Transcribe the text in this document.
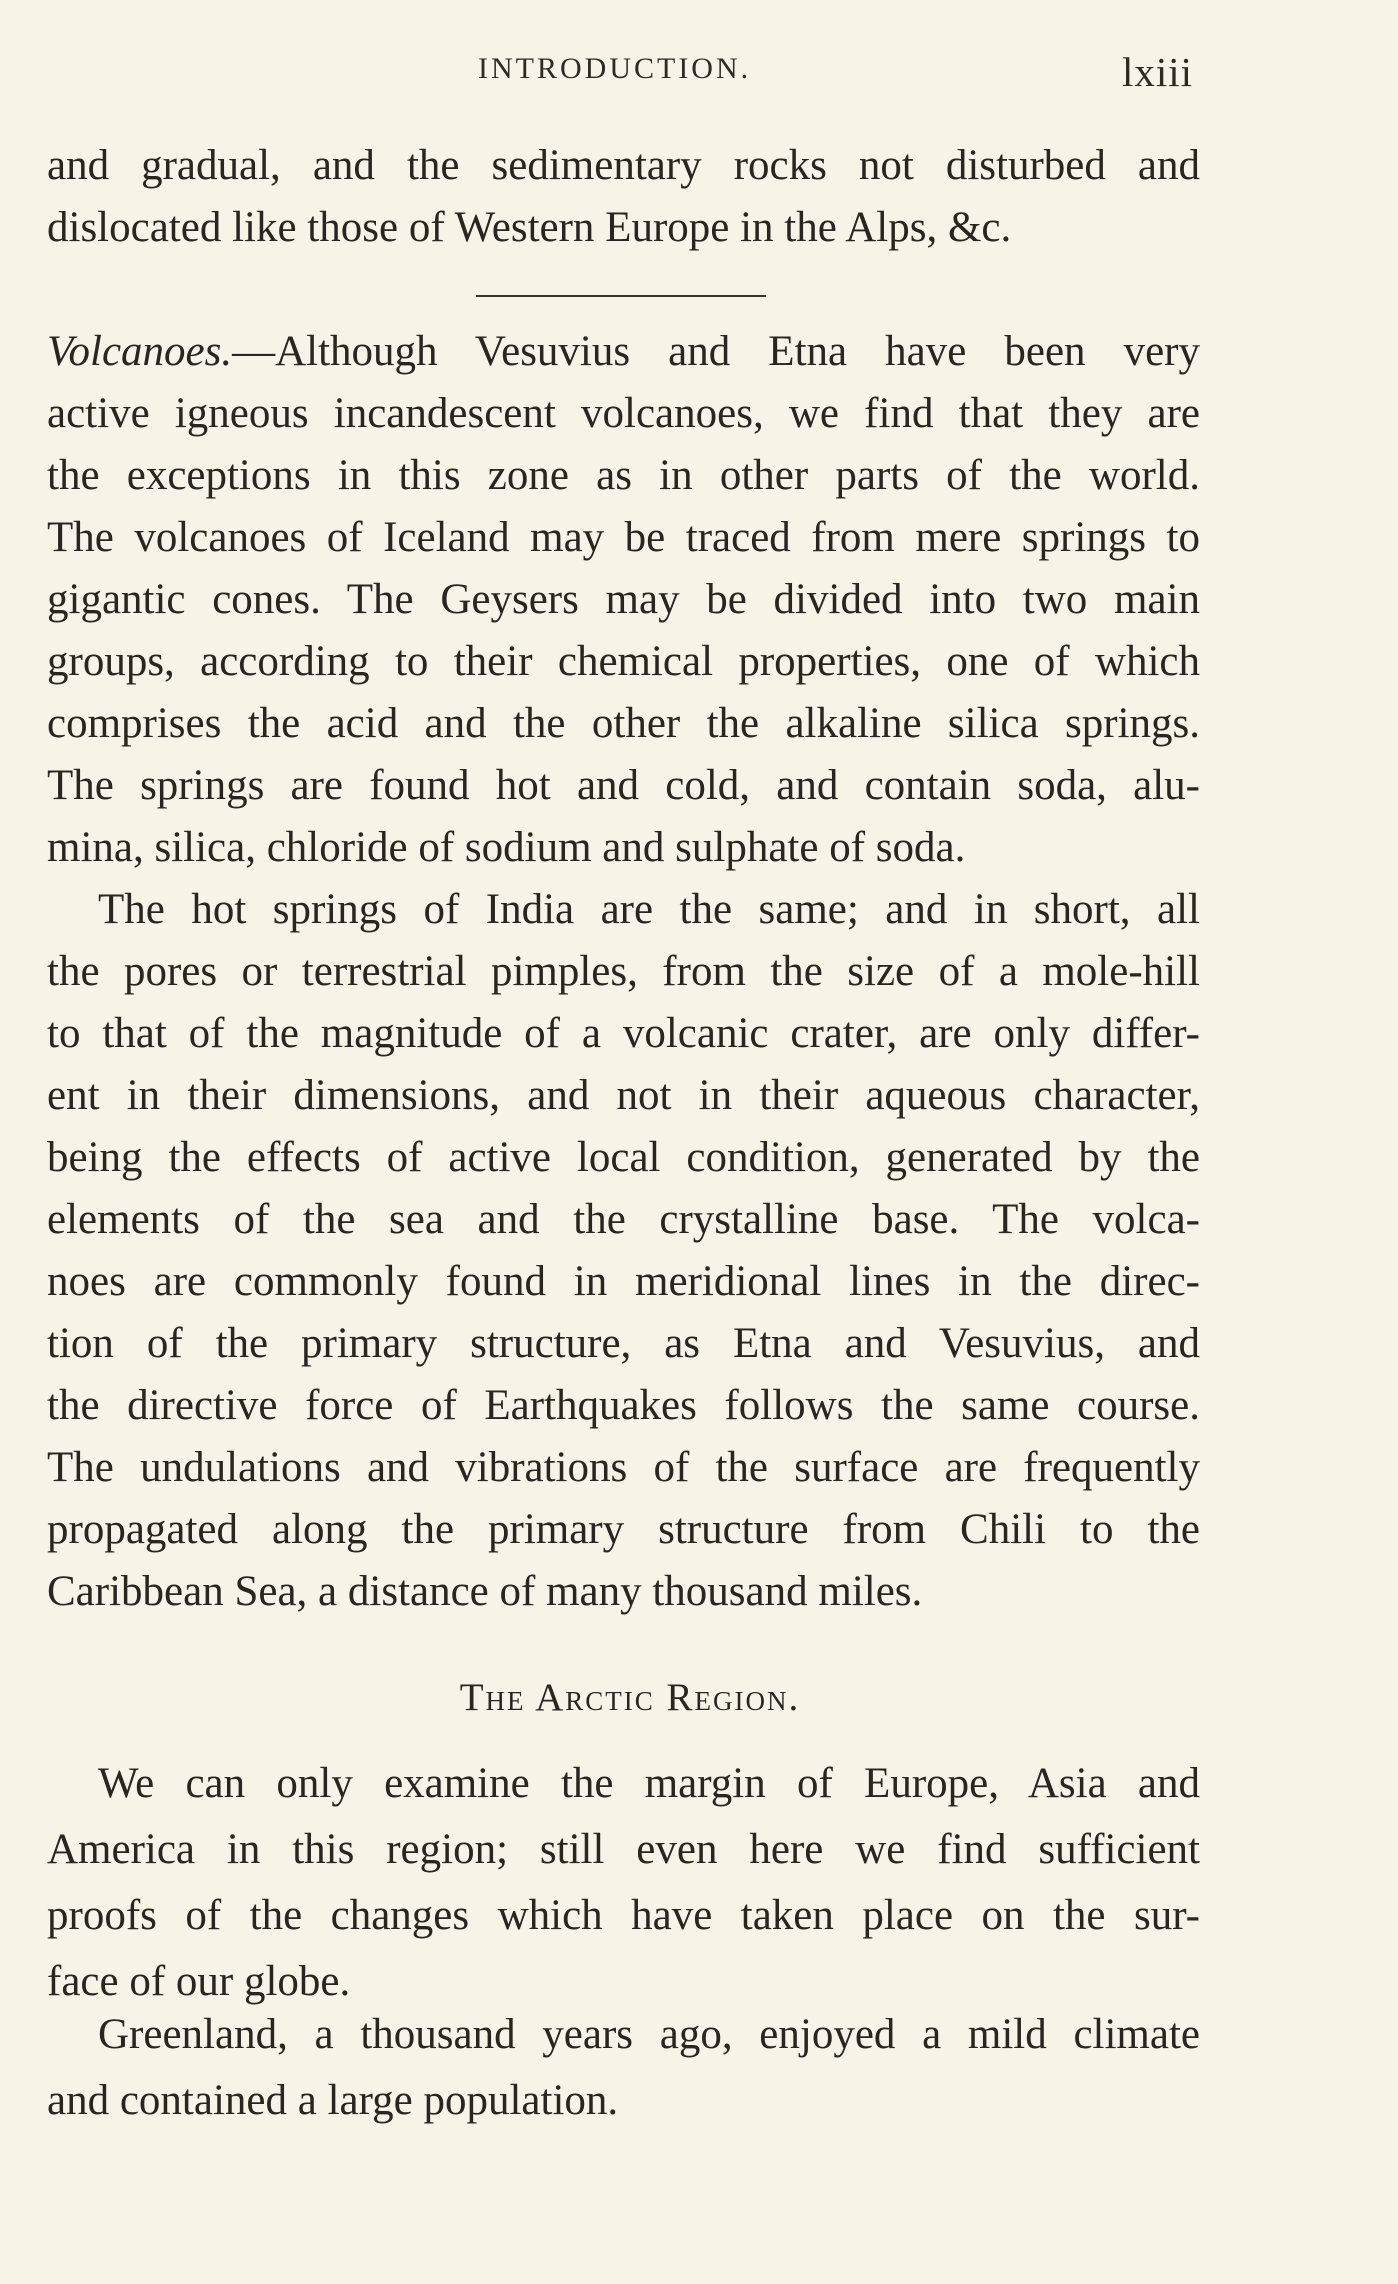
INTRODUCTION.	lxiii
and gradual, and the sedimentary rocks not disturbed and
dislocated like those of Western Europe in the Alps, &c.
Volcanoes.—Although Vesuvius and Etna have been very
active igneous incandescent volcanoes, we find that they are
the exceptions in this zone as in other parts of the world.
The volcanoes of Iceland may be traced from mere springs to
gigantic cones. The Geysers may be divided into two main
groups, according to their chemical properties, one of which
comprises the acid and the other the alkaline silica springs.
The springs are found hot and cold, and contain soda, alu-
mina, silica, chloride of sodium and sulphate of soda.
The hot springs of India are the same; and in short, all
the pores or terrestrial pimples, from the size of a mole-hill
to that of the magnitude of a volcanic crater, are only differ-
ent in their dimensions, and not in their aqueous character,
being the effects of active local condition, generated by the
elements of the sea and the crystalline base. The volca-
noes are commonly found in meridional lines in the direc-
tion of the primary structure, as Etna and Vesuvius, and
the directive force of Earthquakes follows the same course.
The undulations and vibrations of the surface are frequently
propagated along the primary structure from Chili to the
Caribbean Sea, a distance of many thousand miles.
The Arctic Region.
We can only examine the margin of Europe, Asia and
America in this region; still even here we find sufficient
proofs of the changes which have taken place on the sur-
face of our globe.
Greenland, a thousand years ago, enjoyed a mild climate
and contained a large population.
